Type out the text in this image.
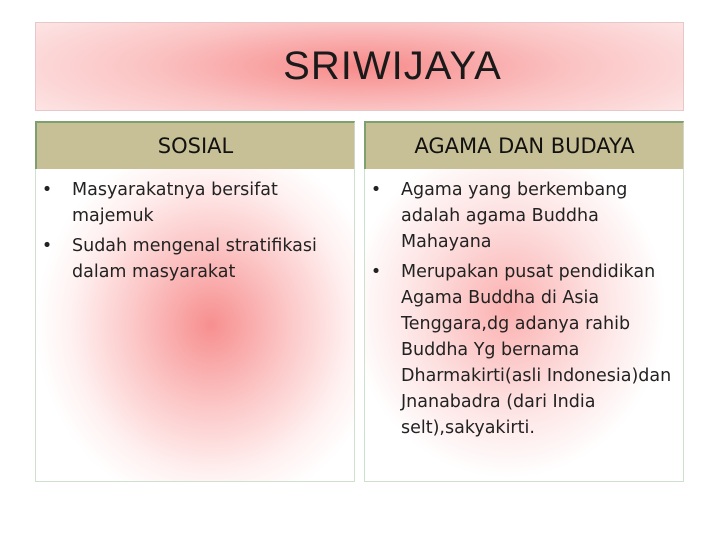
SRIWIJAYA
SOSIAL
• Masyarakatnya bersifat majemuk
• Sudah mengenal stratifikasi dalam masyarakat
AGAMA DAN BUDAYA
• Agama yang berkembang adalah agama Buddha Mahayana
• Merupakan pusat pendidikan Agama Buddha di Asia Tenggara,dg adanya rahib Buddha Yg bernama Dharmakirti(asli Indonesia)dan Jnanabadra (dari India selt),sakyakirti.
